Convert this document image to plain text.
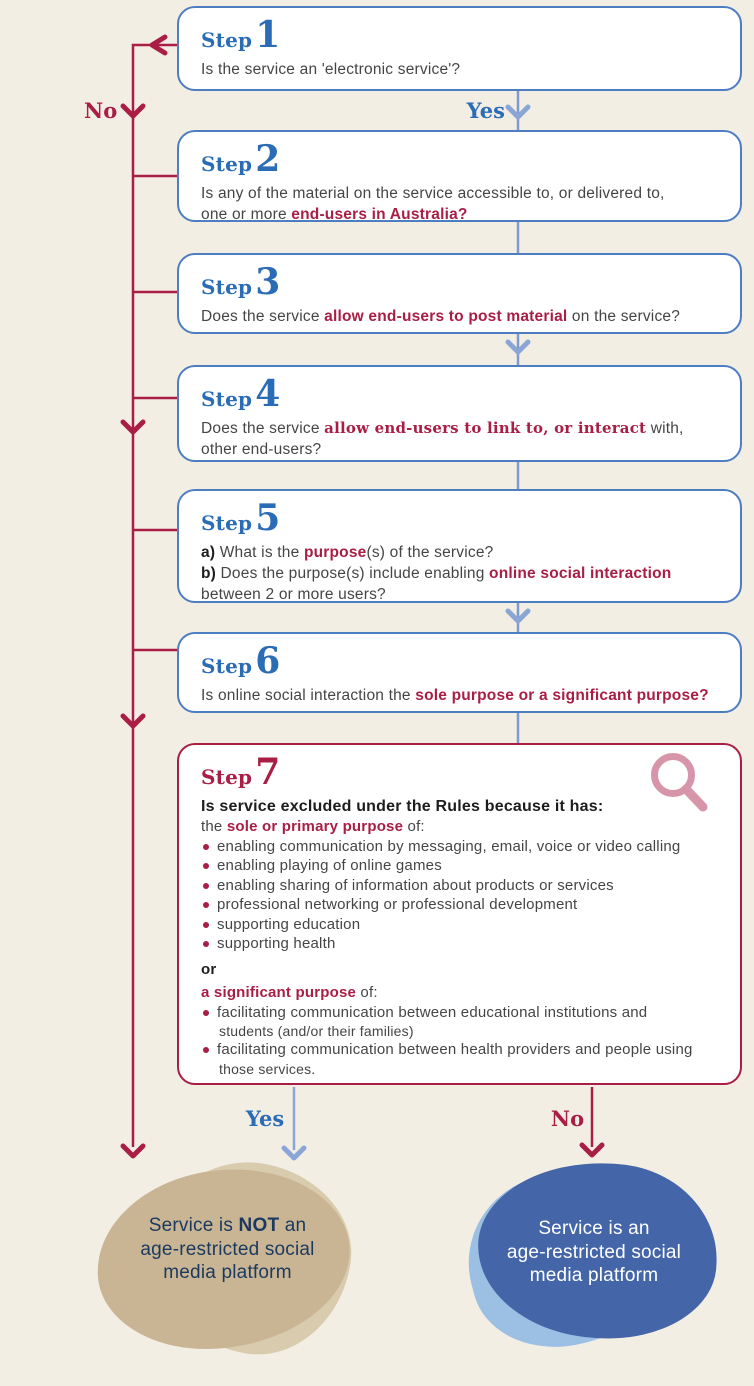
No	Yes
Yes	No
Step 1
Is the service an 'electronic service'?
Step 2
Is any of the material on the service accessible to, or delivered to,
one or more end-users in Australia?
Step 3
Does the service allow end-users to post material on the service?
Step 4
Does the service allow end-users to link to, or interact with,
other end-users?
Step 5
a) What is the purpose(s) of the service?
b) Does the purpose(s) include enabling online social interaction
between 2 or more users?
Step 6
Is online social interaction the sole purpose or a significant purpose?
Step 7
Is service excluded under the Rules because it has:
the sole or primary purpose of:
enabling communication by messaging, email, voice or video calling
enabling playing of online games
enabling sharing of information about products or services
professional networking or professional development
supporting education
supporting health
or
a significant purpose of:
facilitating communication between educational institutions and
students (and/or their families)
facilitating communication between health providers and people using
those services.
Service is NOT an
age-restricted social
media platform
Service is an
age-restricted social
media platform
